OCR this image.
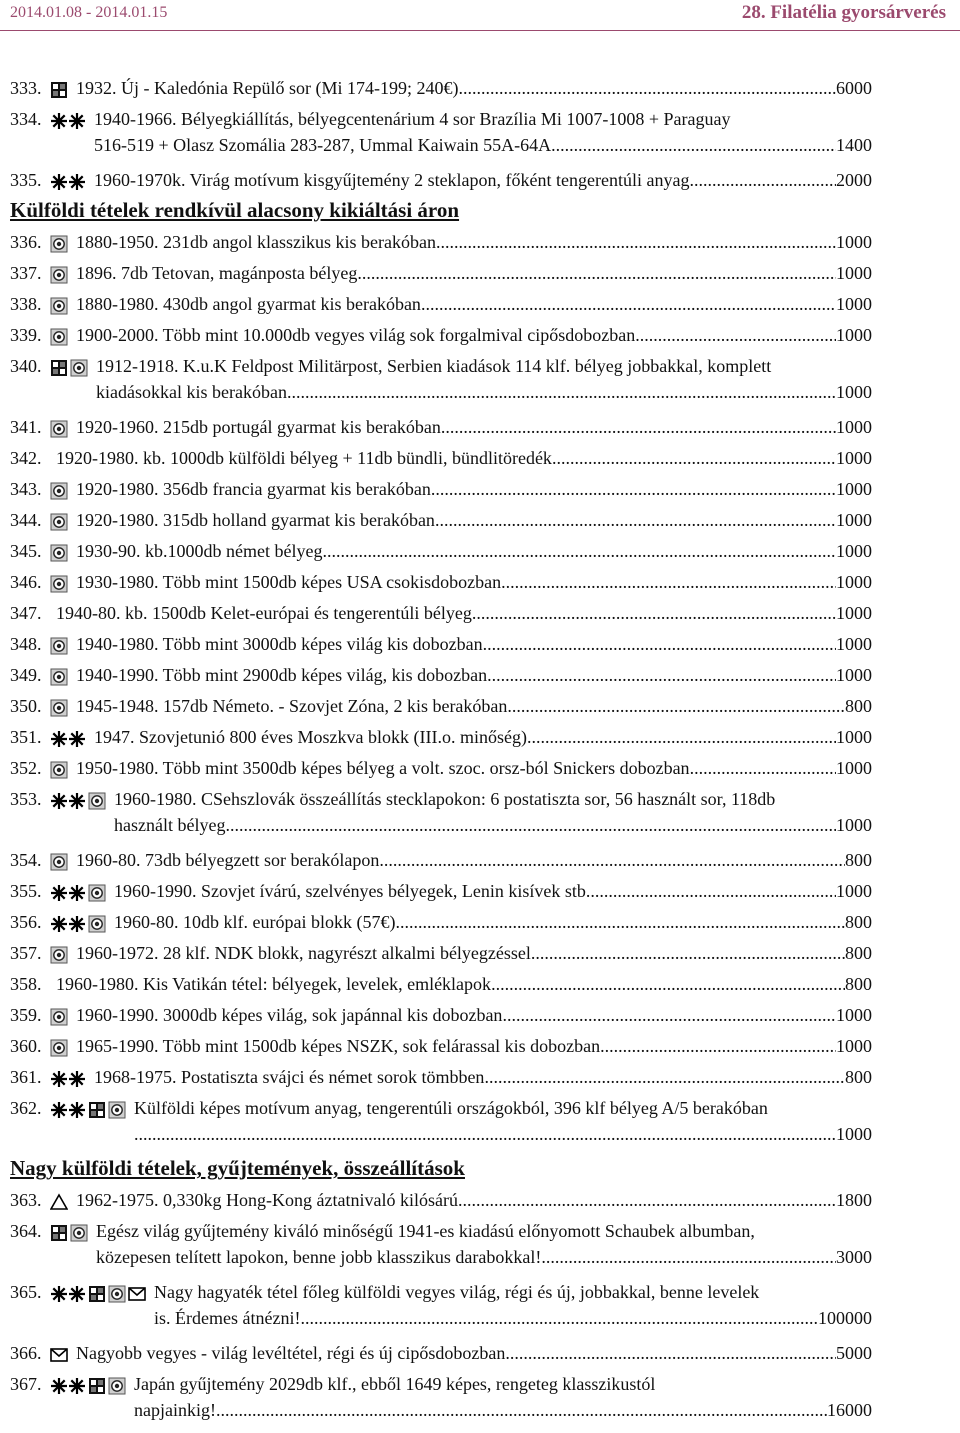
2014.01.08 - 2014.01.15	28. Filatélia gyorsárverés
333. 1932. Új - Kaledónia Repülő sor (Mi 174-199; 240€) .....	6000
334.	1940-1966. Bélyegkiállítás, bélyegcentenárium 4 sor Brazília Mi 1007-1008 + Paraguay
516-519 + Olasz Szomália 283-287, Ummal Kaiwain 55A-64A .....	1400
335.	1960-1970k. Virág motívum kisgyűjtemény 2 steklapon, főként tengerentúli anyag .....	2000
Külföldi tételek rendkívül alacsony kikiáltási áron
336. 1880-1950. 231db angol klasszikus kis berakóban .....	1000
337. 1896. 7db Tetovan, magánposta bélyeg .....	1000
338. 1880-1980. 430db angol gyarmat kis berakóban .....	1000
339. 1900-2000. Több mint 10.000db vegyes világ sok forgalmival cipősdobozban .....	1000
340.	1912-1918. K.u.K Feldpost Militärpost, Serbien kiadások 114 klf. bélyeg jobbakkal, komplett
kiadásokkal kis berakóban .....	1000
341. 1920-1960. 215db portugál gyarmat kis berakóban .....	1000
342. 1920-1980. kb. 1000db külföldi bélyeg + 11db bündli, bündlitöredék .....	1000
343. 1920-1980. 356db francia gyarmat kis berakóban .....	1000
344. 1920-1980. 315db holland gyarmat kis berakóban .....	1000
345. 1930-90. kb.1000db német bélyeg .....	1000
346. 1930-1980. Több mint 1500db képes USA csokisdobozban .....	1000
347. 1940-80. kb. 1500db Kelet-európai és tengerentúli bélyeg .....	1000
348. 1940-1980. Több mint 3000db képes világ kis dobozban .....	1000
349. 1940-1990. Több mint 2900db képes világ, kis dobozban .....	1000
350. 1945-1948. 157db Németo. - Szovjet Zóna, 2 kis berakóban .....	800
351.	1947. Szovjetunió 800 éves Moszkva blokk (III.o. minőség) .....	1000
352. 1950-1980. Több mint 3500db képes bélyeg a volt. szoc. orsz-ból Snickers dobozban .....	1000
353.	1960-1980. CSehszlovák összeállítás stecklapokon: 6 postatiszta sor, 56 használt sor, 118db
használt bélyeg .....	1000
354. 1960-80. 73db bélyegzett sor berakólapon .....	800
355.	1960-1990. Szovjet ívárú, szelvényes bélyegek, Lenin kisívek stb... .....	1000
356.	1960-80. 10db klf. európai blokk (57€) .....	800
357. 1960-1972. 28 klf. NDK blokk, nagyrészt alkalmi bélyegzéssel .....	800
358. 1960-1980. Kis Vatikán tétel: bélyegek, levelek, emléklapok .....	800
359. 1960-1990. 3000db képes világ, sok japánnal kis dobozban .....	1000
360. 1965-1990. Több mint 1500db képes NSZK, sok felárassal kis dobozban .....	1000
361.	1968-1975. Postatiszta svájci és német sorok tömbben .....	800
362.	Külföldi képes motívum anyag, tengerentúli országokból, 396 klf bélyeg A/5 berakóban
.. .....	1000
Nagy külföldi tételek, gyűjtemények, összeállítások
363. 1962-1975. 0,330kg Hong-Kong áztatnivaló kilósárú .....	1800
364.	Egész világ gyűjtemény kiváló minőségű 1941-es kiadású előnyomott Schaubek albumban,
közepesen telített lapokon, benne jobb klasszikus darabokkal! .....	3000
365.	Nagy hagyaték tétel főleg külföldi vegyes világ, régi és új, jobbakkal, benne levelek
is. Érdemes átnézni! .....	100000
366. Nagyobb vegyes - világ levéltétel, régi és új cipősdobozban .....	5000
367.	Japán gyűjtemény 2029db klf., ebből 1649 képes, rengeteg klasszikustól
napjainkig! .....	16000
